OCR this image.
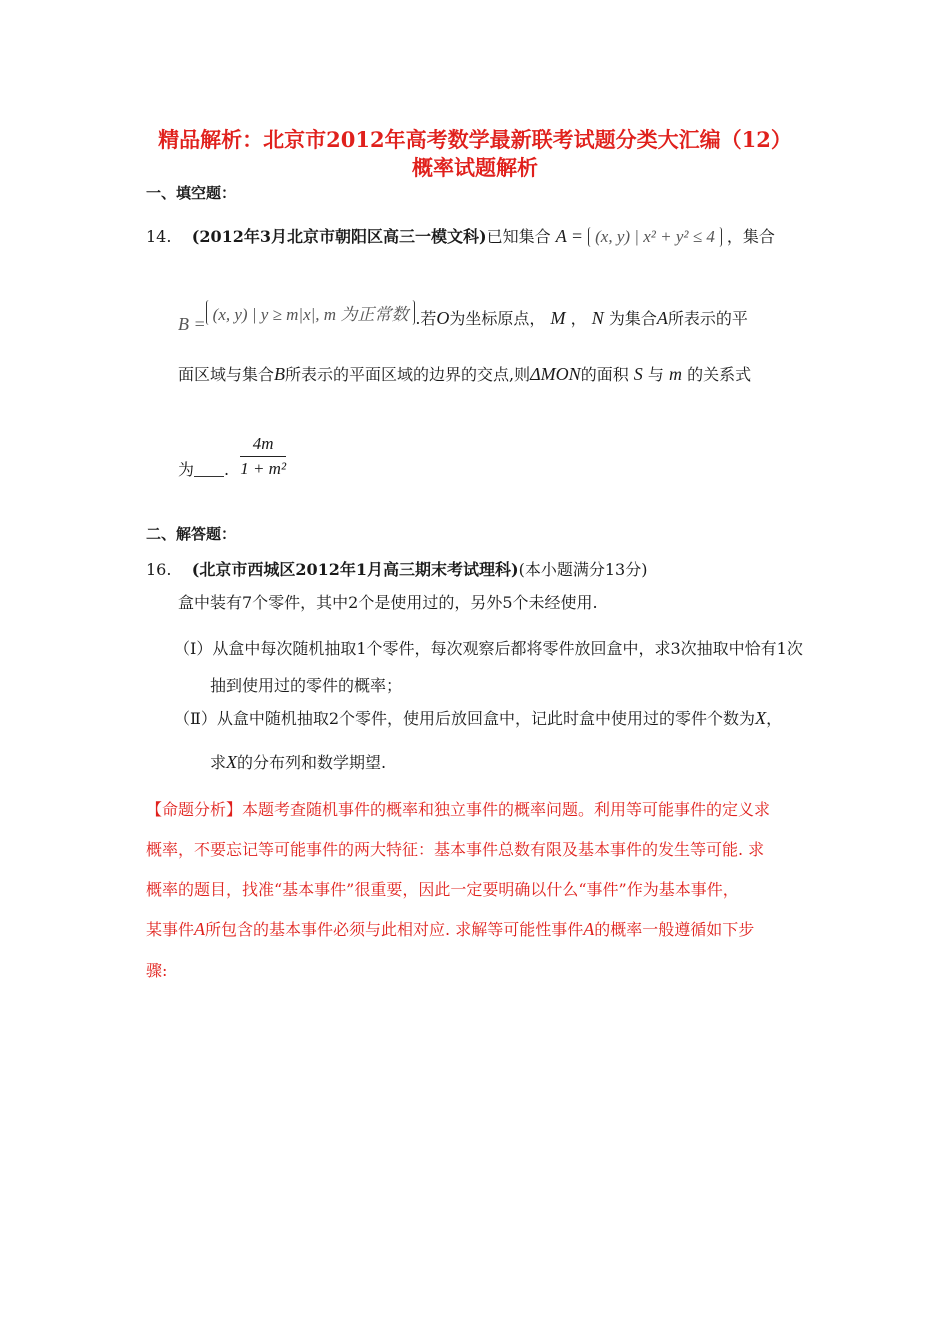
精品解析：北京市2012年高考数学最新联考试题分类大汇编（12）
概率试题解析
一、填空题：
14. (2012年3月北京市朝阳区高三一模文科)已知集合 A = (x, y) | x² + y² ≤ 4 ，集合
B = (x, y) | y ≥ m|x|, m 为正常数 .若O为坐标原点， M ， N 为集合A所表示的平
面区域与集合B所表示的平面区域的边界的交点,则ΔMON的面积 S 与 m 的关系式
为 . $\frac{4m}{\text{1 + m²}}$
二、解答题：
16. (北京市西城区2012年1月高三期末考试理科)(本小题满分13分)
盒中装有7个零件，其中2个是使用过的，另外5个未经使用.
（Ⅰ）从盒中每次随机抽取1个零件，每次观察后都将零件放回盒中，求3次抽取中恰有1次
抽到使用过的零件的概率；
（Ⅱ）从盒中随机抽取2个零件，使用后放回盒中，记此时盒中使用过的零件个数为X，
求X的分布列和数学期望.
【命题分析】本题考查随机事件的概率和独立事件的概率问题。利用等可能事件的定义求
概率，不要忘记等可能事件的两大特征：基本事件总数有限及基本事件的发生等可能. 求
概率的题目，找准“基本事件”很重要，因此一定要明确以什么“事件”作为基本事件，
某事件A所包含的基本事件必须与此相对应. 求解等可能性事件A的概率一般遵循如下步
骤:
